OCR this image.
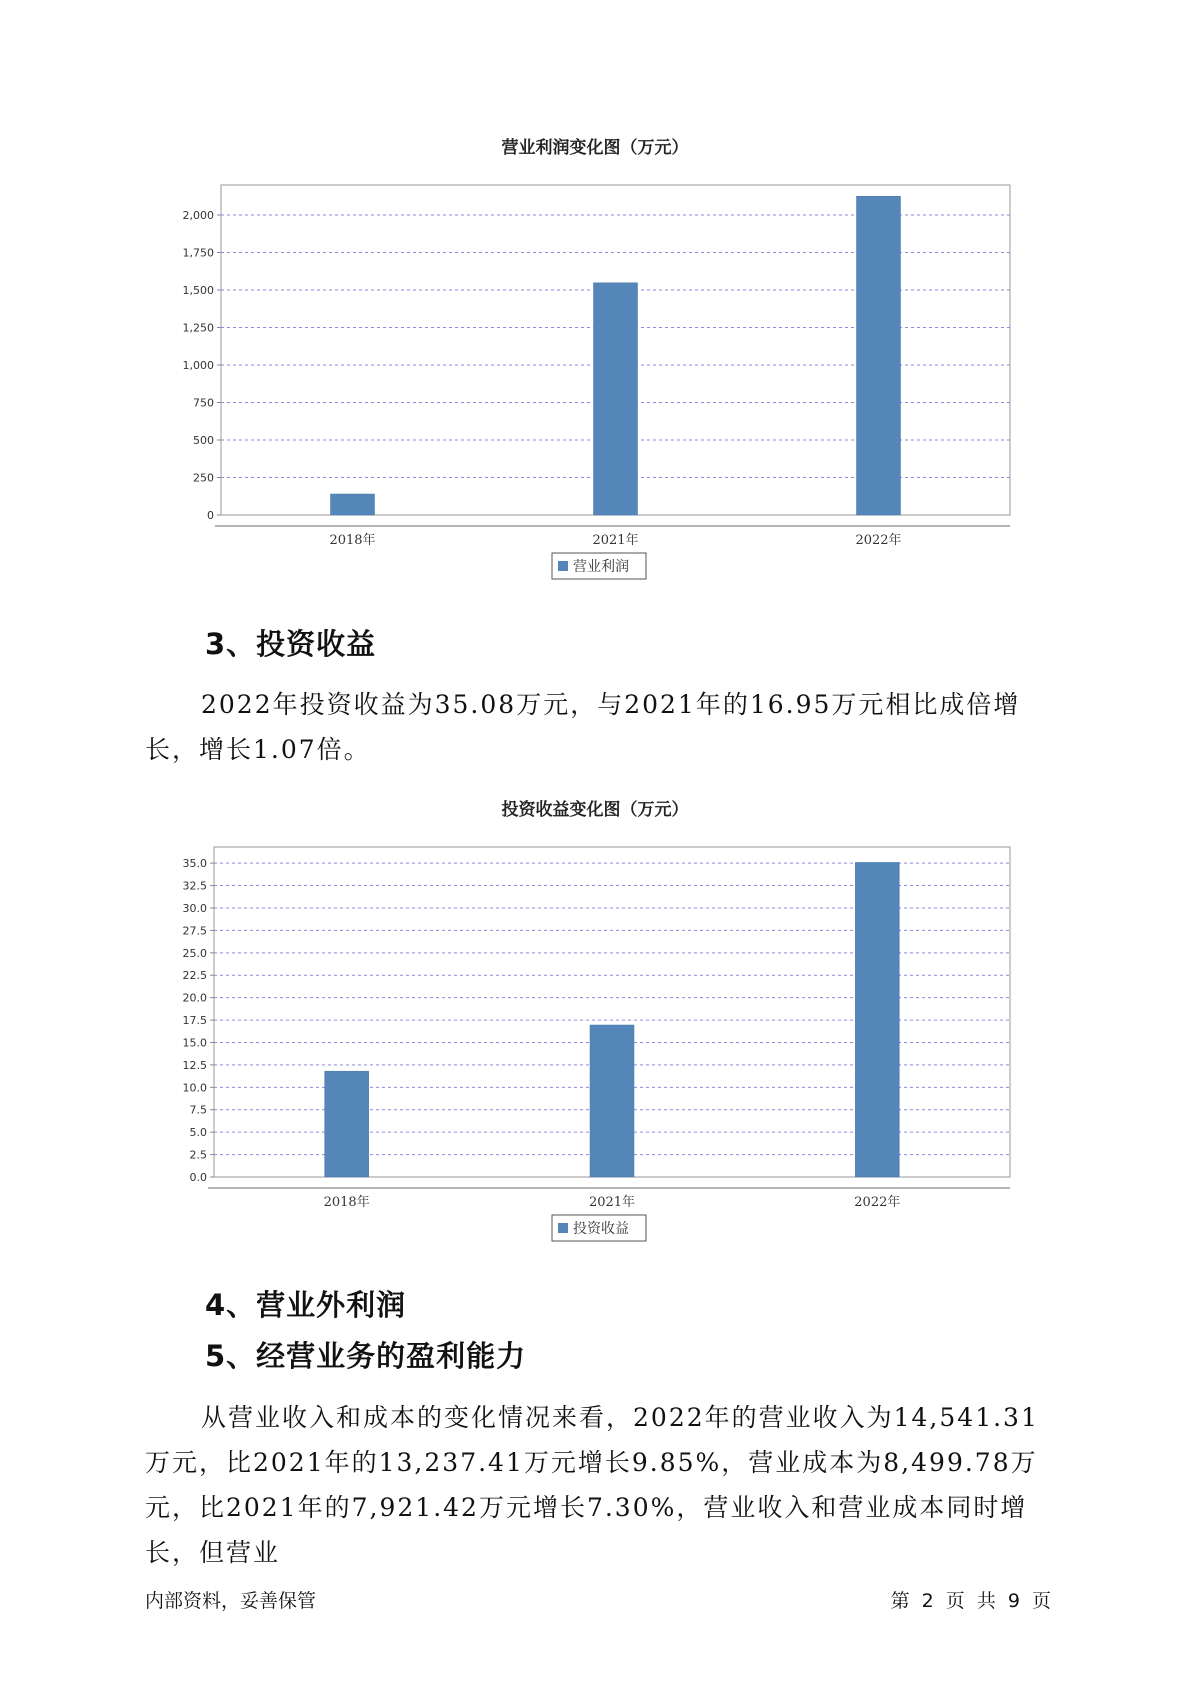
营业利润变化图（万元）
0
250
500
750
1,000
1,250
1,500
1,750
2,000
2018年	2021年	2022年
营业利润
3、投资收益

2022年投资收益为35.08万元，与2021年的16.95万元相比成倍增长，增长1.07倍。

投资收益变化图（万元）
0.0
2.5
5.0
7.5
10.0
12.5
15.0
17.5
20.0
22.5
25.0
27.5
30.0
32.5
35.0
2018年	2021年	2022年
投资收益
4、营业外利润
5、经营业务的盈利能力

从营业收入和成本的变化情况来看，2022年的营业收入为14,541.31万元，比2021年的13,237.41万元增长9.85%，营业成本为8,499.78万元，比2021年的7,921.42万元增长7.30%，营业收入和营业成本同时增长，但营业

内部资料，妥善保管	第 2 页 共 9 页
